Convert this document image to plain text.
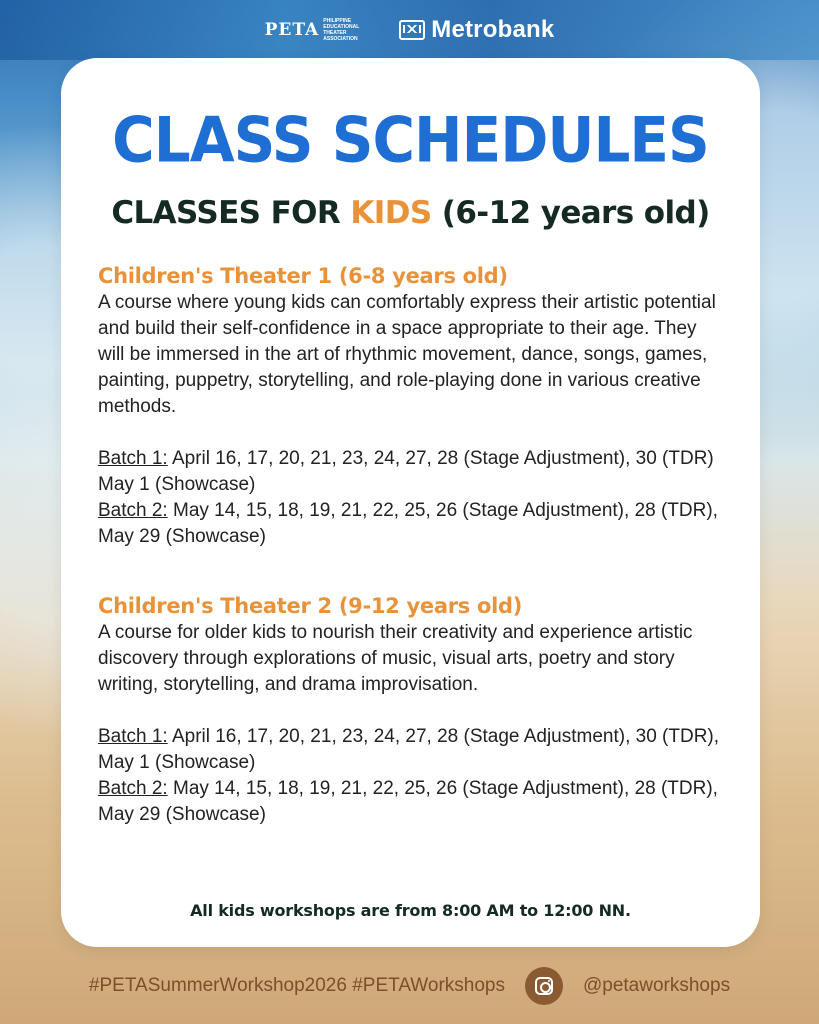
PETA PHILIPPINE EDUCATIONAL THEATER ASSOCIATION	Metrobank
CLASS SCHEDULES
CLASSES FOR KIDS (6-12 years old)
Children's Theater 1 (6-8 years old)
A course where young kids can comfortably express their artistic potential and build their self-confidence in a space appropriate to their age. They will be immersed in the art of rhythmic movement, dance, songs, games, painting, puppetry, storytelling, and role-playing done in various creative methods.
Batch 1: April 16, 17, 20, 21, 23, 24, 27, 28 (Stage Adjustment), 30 (TDR) May 1 (Showcase)
Batch 2: May 14, 15, 18, 19, 21, 22, 25, 26 (Stage Adjustment), 28 (TDR), May 29 (Showcase)
Children's Theater 2 (9-12 years old)
A course for older kids to nourish their creativity and experience artistic discovery through explorations of music, visual arts, poetry and story writing, storytelling, and drama improvisation.
Batch 1: April 16, 17, 20, 21, 23, 24, 27, 28 (Stage Adjustment), 30 (TDR), May 1 (Showcase)
Batch 2: May 14, 15, 18, 19, 21, 22, 25, 26 (Stage Adjustment), 28 (TDR), May 29 (Showcase)
All kids workshops are from 8:00 AM to 12:00 NN.
#PETASummerWorkshop2026 #PETAWorkshops	@petaworkshops
